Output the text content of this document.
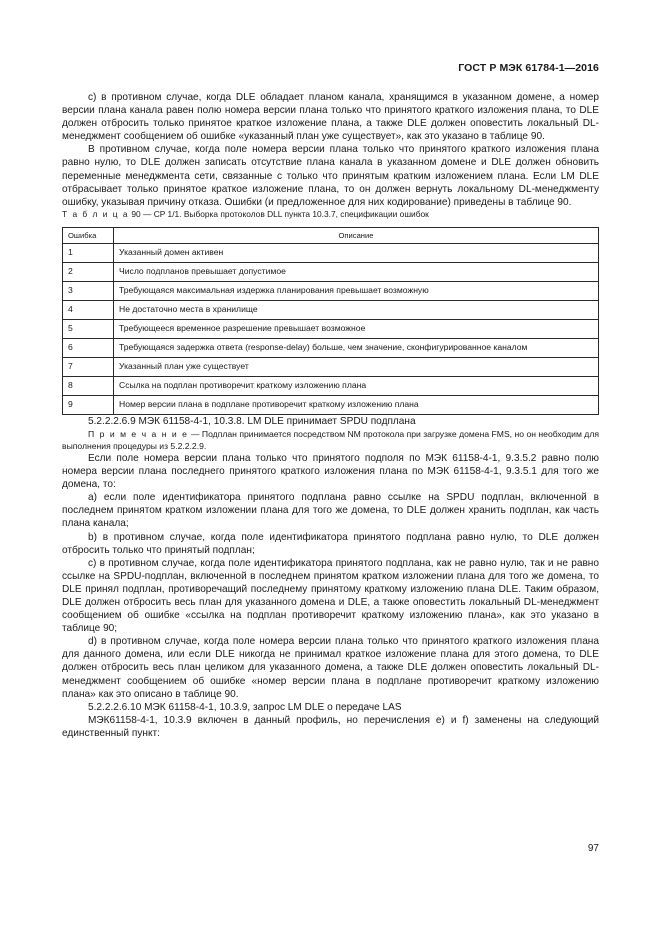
ГОСТ Р МЭК 61784-1—2016

c) в противном случае, когда DLE обладает планом канала, хранящимся в указанном домене, а номер версии плана канала равен полю номера версии плана только что принятого краткого изложения плана, то DLE должен отбросить только принятое краткое изложение плана, а также DLE должен оповестить локальный DL-менеджмент сообщением об ошибке «указанный план уже существует», как это указано в таблице 90.

В противном случае, когда поле номера версии плана только что принятого краткого изложения плана равно нулю, то DLE должен записать отсутствие плана канала в указанном домене и DLE должен обновить переменные менеджмента сети, связанные с только что принятым кратким изложением плана. Если LM DLE отбрасывает только принятое краткое изложение плана, то он должен вернуть локальному DL-менеджменту ошибку, указывая причину отказа. Ошибки (и предложенное для них кодирование) приведены в таблице 90.

Т а б л и ц а 90 — CP 1/1. Выборка протоколов DLL пункта 10.3.7, спецификации ошибок

Ошибка	Описание
1	Указанный домен активен
2	Число подпланов превышает допустимое
3	Требующаяся максимальная издержка планирования превышает возможную
4	Не достаточно места в хранилище
5	Требующееся временное разрешение превышает возможное
6	Требующаяся задержка ответа (response-delay) больше, чем значение, сконфигурированное каналом
7	Указанный план уже существует
8	Ссылка на подплан противоречит краткому изложению плана
9	Номер версии плана в подплане противоречит краткому изложению плана

5.2.2.2.6.9 МЭК 61158-4-1, 10.3.8. LM DLE принимает SPDU подплана

П р и м е ч а н и е — Подплан принимается посредством NM протокола при загрузке домена FMS, но он необходим для выполнения процедуры из 5.2.2.2.9.

Если поле номера версии плана только что принятого подполя по МЭК 61158-4-1, 9.3.5.2 равно полю номера версии плана последнего принятого краткого изложения плана по МЭК 61158-4-1, 9.3.5.1 для того же домена, то:

a) если поле идентификатора принятого подплана равно ссылке на SPDU подплан, включенной в последнем принятом кратком изложении плана для того же домена, то DLE должен хранить подплан, как часть плана канала;

b) в противном случае, когда поле идентификатора принятого подплана равно нулю, то DLE должен отбросить только что принятый подплан;

c) в противном случае, когда поле идентификатора принятого подплана, как не равно нулю, так и не равно ссылке на SPDU-подплан, включенной в последнем принятом кратком изложении плана для того же домена, то DLE принял подплан, противоречащий последнему принятому краткому изложению плана DLE. Таким образом, DLE должен отбросить весь план для указанного домена и DLE, а также оповестить локальный DL-менеджмент сообщением об ошибке «ссылка на подплан противоречит краткому изложению плана», как это указано в таблице 90;

d) в противном случае, когда поле номера версии плана только что принятого краткого изложения плана для данного домена, или если DLE никогда не принимал краткое изложение плана для этого домена, то DLE должен отбросить весь план целиком для указанного домена, а также DLE должен оповестить локальный DL-менеджмент сообщением об ошибке «номер версии плана в подплане противоречит краткому изложению плана» как это описано в таблице 90.

5.2.2.2.6.10 МЭК 61158-4-1, 10.3.9, запрос LM DLE о передаче LAS

МЭК61158-4-1, 10.3.9 включен в данный профиль, но перечисления e) и f) заменены на следующий единственный пункт:

97
